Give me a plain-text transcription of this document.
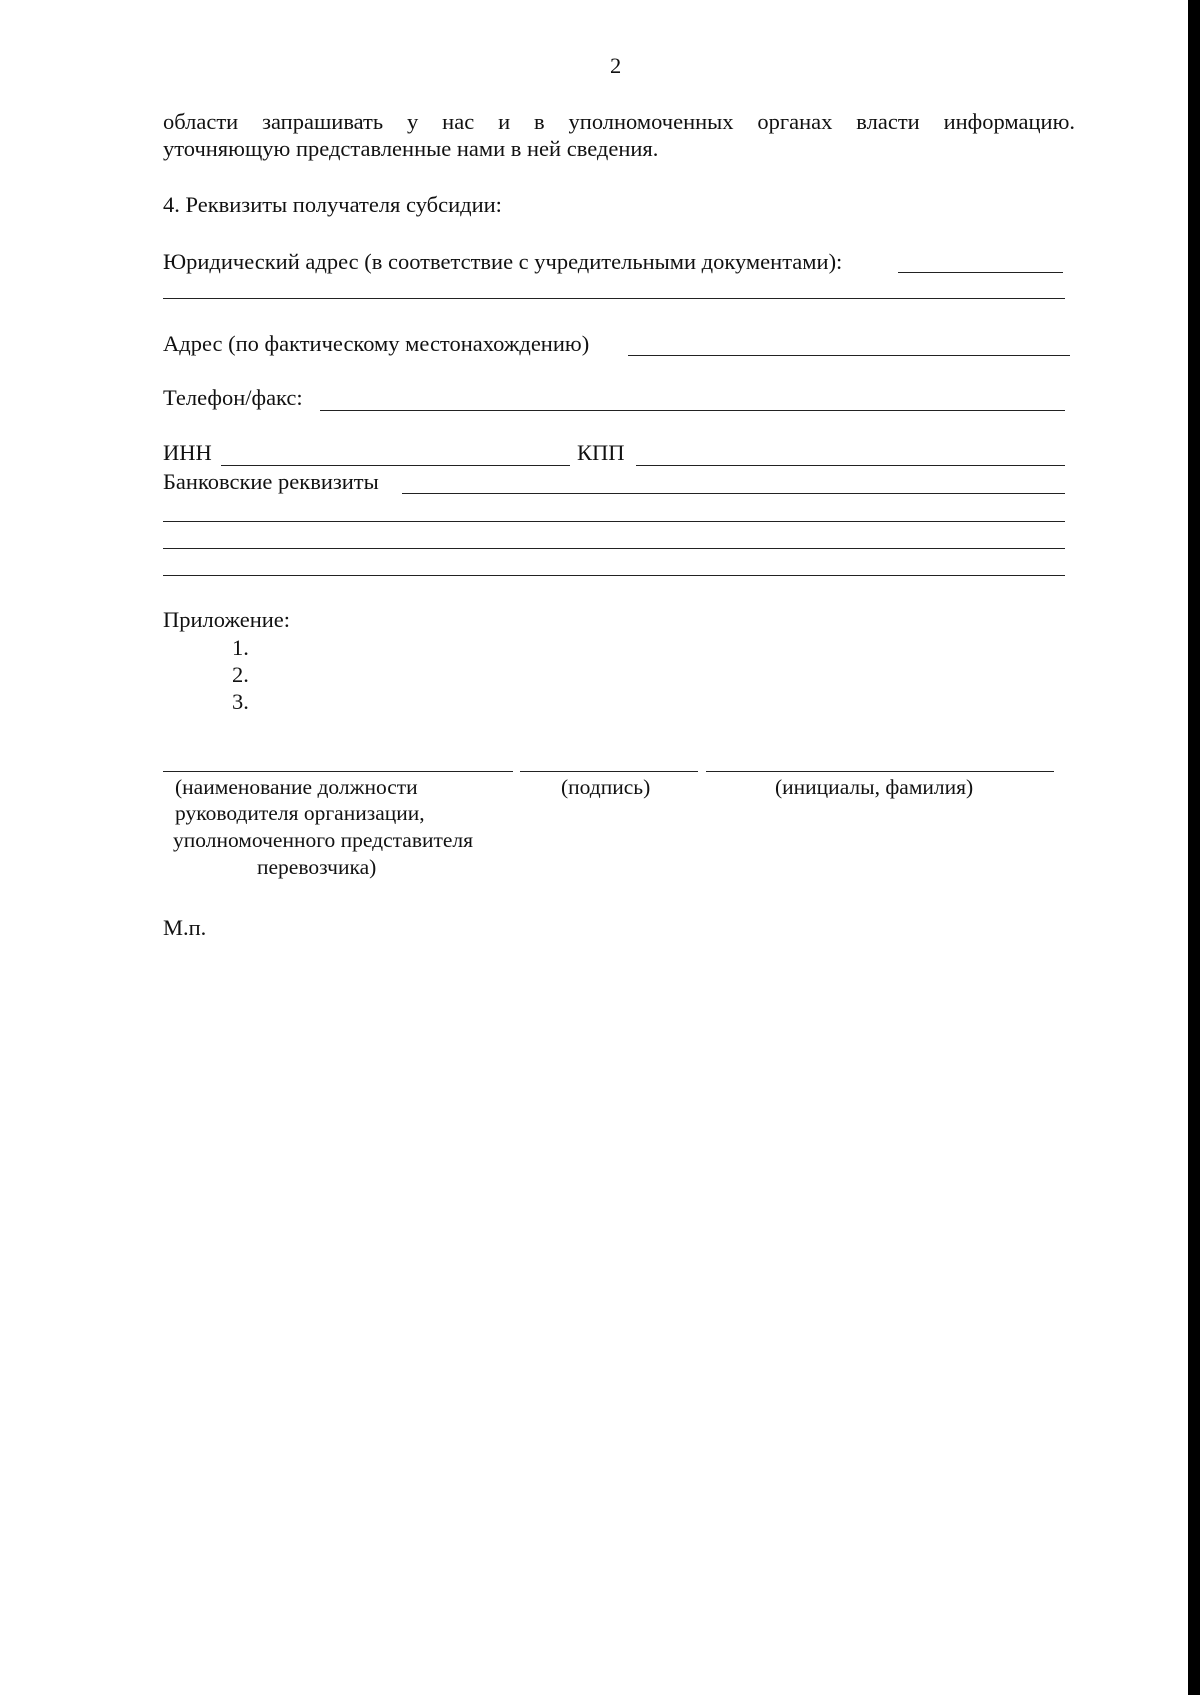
2
области запрашивать у нас и в уполномоченных органах власти информацию.
уточняющую представленные нами в ней сведения.
4. Реквизиты получателя субсидии:
Юридический адрес (в соответствие с учредительными документами):
Адрес (по фактическому местонахождению)
Телефон/факс:
ИНН	КПП
Банковские реквизиты
Приложение:
1.
2.
3.
(наименование должности
руководителя организации,
уполномоченного представителя
перевозчика)
(подпись)	(инициалы, фамилия)
М.п.
